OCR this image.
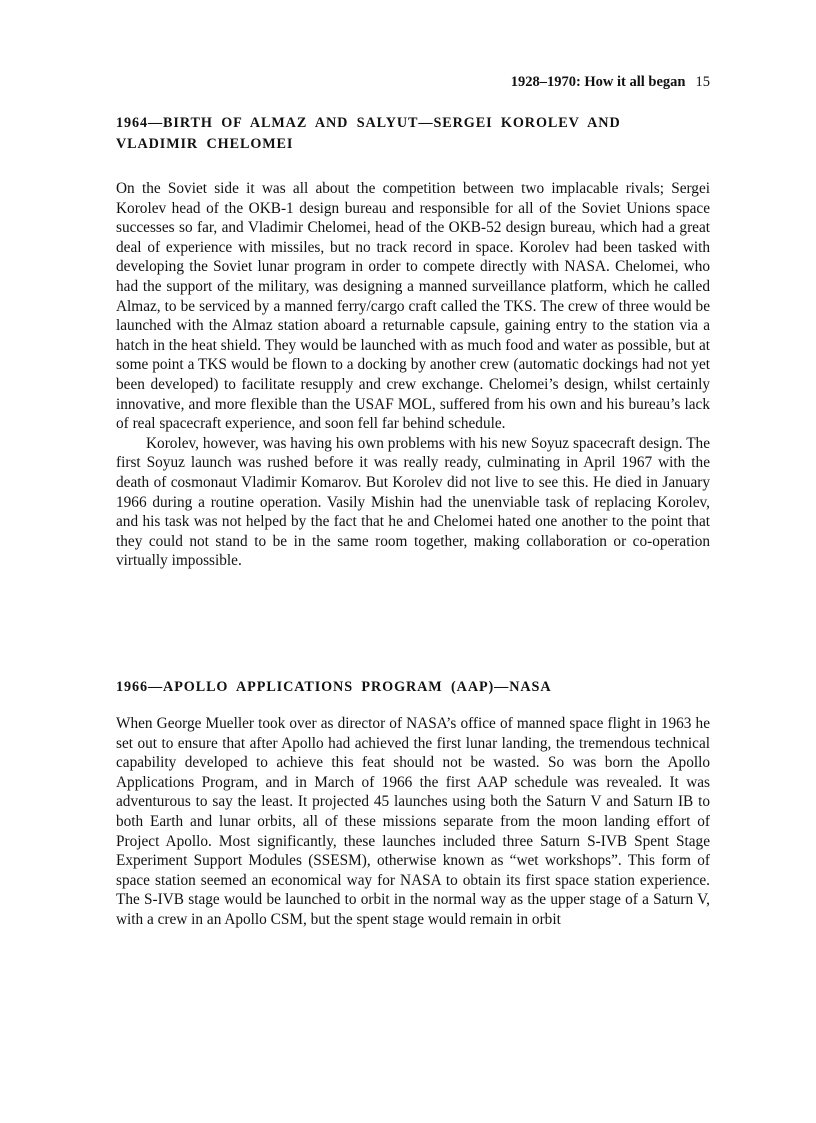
1928–1970: How it all began 15
1964—BIRTH OF ALMAZ AND SALYUT—SERGEI KOROLEV AND VLADIMIR CHELOMEI

On the Soviet side it was all about the competition between two implacable rivals; Sergei Korolev head of the OKB-1 design bureau and responsible for all of the Soviet Unions space successes so far, and Vladimir Chelomei, head of the OKB-52 design bureau, which had a great deal of experience with missiles, but no track record in space. Korolev had been tasked with developing the Soviet lunar program in order to compete directly with NASA. Chelomei, who had the support of the military, was designing a manned surveillance platform, which he called Almaz, to be serviced by a manned ferry/cargo craft called the TKS. The crew of three would be launched with the Almaz station aboard a returnable capsule, gaining entry to the station via a hatch in the heat shield. They would be launched with as much food and water as possible, but at some point a TKS would be flown to a docking by another crew (automatic dockings had not yet been developed) to facilitate resupply and crew exchange. Chelomei’s design, whilst certainly innovative, and more flexible than the USAF MOL, suffered from his own and his bureau’s lack of real spacecraft experience, and soon fell far behind schedule.

Korolev, however, was having his own problems with his new Soyuz spacecraft design. The first Soyuz launch was rushed before it was really ready, culminating in April 1967 with the death of cosmonaut Vladimir Komarov. But Korolev did not live to see this. He died in January 1966 during a routine operation. Vasily Mishin had the unenviable task of replacing Korolev, and his task was not helped by the fact that he and Chelomei hated one another to the point that they could not stand to be in the same room together, making collaboration or co-operation virtually impossible.

1966—APOLLO APPLICATIONS PROGRAM (AAP)—NASA

When George Mueller took over as director of NASA’s office of manned space flight in 1963 he set out to ensure that after Apollo had achieved the first lunar landing, the tremendous technical capability developed to achieve this feat should not be wasted. So was born the Apollo Applications Program, and in March of 1966 the first AAP schedule was revealed. It was adventurous to say the least. It projected 45 launches using both the Saturn V and Saturn IB to both Earth and lunar orbits, all of these missions separate from the moon landing effort of Project Apollo. Most significantly, these launches included three Saturn S-IVB Spent Stage Experiment Support Modules (SSESM), otherwise known as “wet workshops”. This form of space station seemed an economical way for NASA to obtain its first space station experience. The S-IVB stage would be launched to orbit in the normal way as the upper stage of a Saturn V, with a crew in an Apollo CSM, but the spent stage would remain in orbit
